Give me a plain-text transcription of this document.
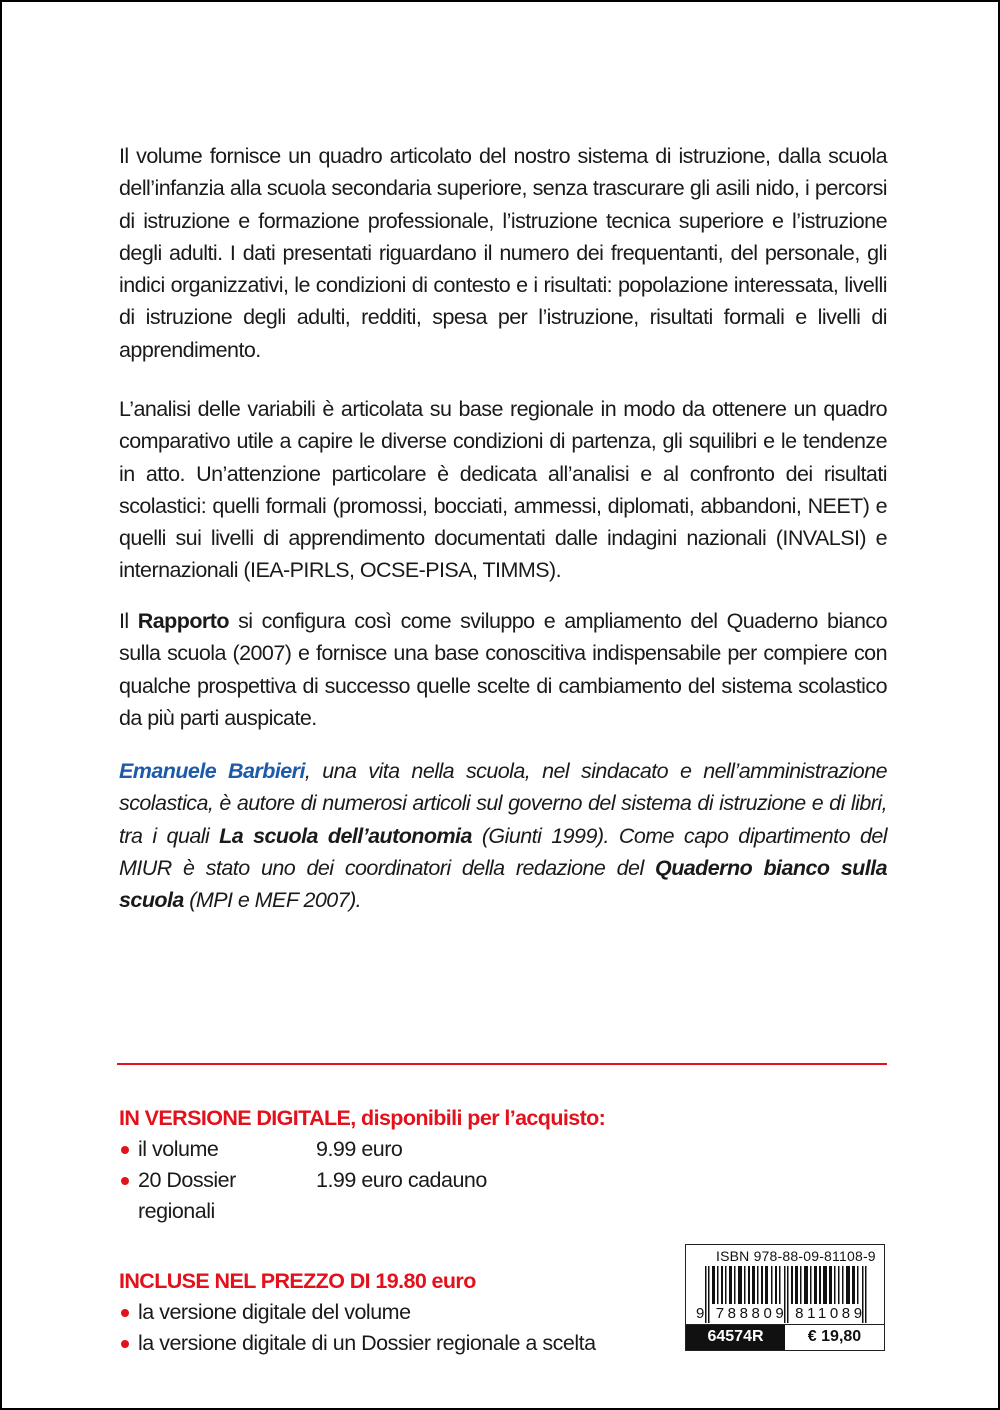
Il volume fornisce un quadro articolato del nostro sistema di istruzione, dalla scuola dell’infanzia alla scuola secondaria superiore, senza trascurare gli asili nido, i percorsi di istruzione e formazione professionale, l’istruzione tecnica superiore e l’istruzione degli adulti. I dati presentati riguardano il numero dei frequentanti, del personale, gli indici organizzativi, le condizioni di contesto e i risultati: popolazione interessata, livelli di istruzione degli adulti, redditi, spesa per l’istruzione, risultati formali e livelli di apprendimento.

L’analisi delle variabili è articolata su base regionale in modo da ottenere un quadro comparativo utile a capire le diverse condizioni di partenza, gli squilibri e le tendenze in atto. Un’attenzione particolare è dedicata all’analisi e al confronto dei risultati scolastici: quelli formali (promossi, bocciati, ammessi, diplomati, abbandoni, NEET) e quelli sui livelli di apprendimento documentati dalle indagini nazionali (INVALSI) e internazionali (IEA-PIRLS, OCSE-PISA, TIMMS).

Il Rapporto si configura così come sviluppo e ampliamento del Quaderno bianco sulla scuola (2007) e fornisce una base conoscitiva indispensabile per compiere con qualche prospettiva di successo quelle scelte di cambiamento del sistema scolastico da più parti auspicate.

Emanuele Barbieri, una vita nella scuola, nel sindacato e nell’amministrazione scolastica, è autore di numerosi articoli sul governo del sistema di istruzione e di libri, tra i quali La scuola dell’autonomia (Giunti 1999). Come capo dipartimento del MIUR è stato uno dei coordinatori della redazione del Quaderno bianco sulla scuola (MPI e MEF 2007).

IN VERSIONE DIGITALE, disponibili per l’acquisto:
il volume	9.99 euro
20 Dossier regionali
1.99 euro cadauno
INCLUSE NEL PREZZO DI 19.80 euro
la versione digitale del volume
la versione digitale di un Dossier regionale a scelta
ISBN 978-88-09-81108-9
9 788809 811089
64574R	€ 19,80
